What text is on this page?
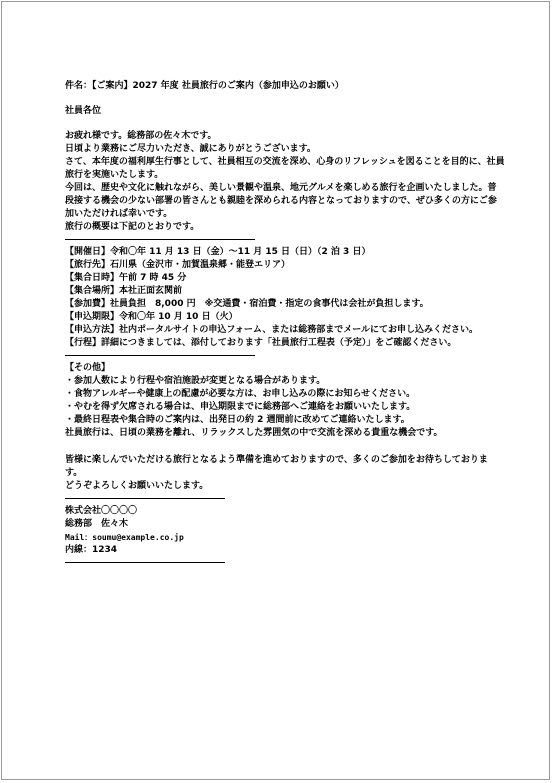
件名：【ご案内】2027 年度 社員旅行のご案内（参加申込のお願い）
社員各位
お疲れ様です。総務部の佐々木です。
日頃より業務にご尽力いただき、誠にありがとうございます。
さて、本年度の福利厚生行事として、社員相互の交流を深め、心身のリフレッシュを図ることを目的に、社員旅行を実施いたします。
今回は、歴史や文化に触れながら、美しい景観や温泉、地元グルメを楽しめる旅行を企画いたしました。普段接する機会の少ない部署の皆さんとも親睦を深められる内容となっておりますので、ぜひ多くの方にご参加いただければ幸いです。
旅行の概要は下記のとおりです。
【開催日】令和〇年 11 月 13 日（金）〜11 月 15 日（日）（2 泊 3 日）
【旅行先】石川県（金沢市・加賀温泉郷・能登エリア）
【集合日時】午前 7 時 45 分
【集合場所】本社正面玄関前
【参加費】社員負担　8,000 円　※交通費・宿泊費・指定の食事代は会社が負担します。
【申込期限】令和〇年 10 月 10 日（火）
【申込方法】社内ポータルサイトの申込フォーム、または総務部までメールにてお申し込みください。
【行程】詳細につきましては、添付しております「社員旅行工程表（予定）」をご確認ください。
【その他】
・参加人数により行程や宿泊施設が変更となる場合があります。
・食物アレルギーや健康上の配慮が必要な方は、お申し込みの際にお知らせください。
・やむを得ず欠席される場合は、申込期限までに総務部へご連絡をお願いいたします。
・最終日程表や集合時のご案内は、出発日の約 2 週間前に改めてご連絡いたします。
社員旅行は、日頃の業務を離れ、リラックスした雰囲気の中で交流を深める貴重な機会です。
皆様に楽しんでいただける旅行となるよう準備を進めておりますので、多くのご参加をお待ちしております。
どうぞよろしくお願いいたします。
株式会社〇〇〇〇
総務部　佐々木
Mail：soumu@example.co.jp
内線：1234
